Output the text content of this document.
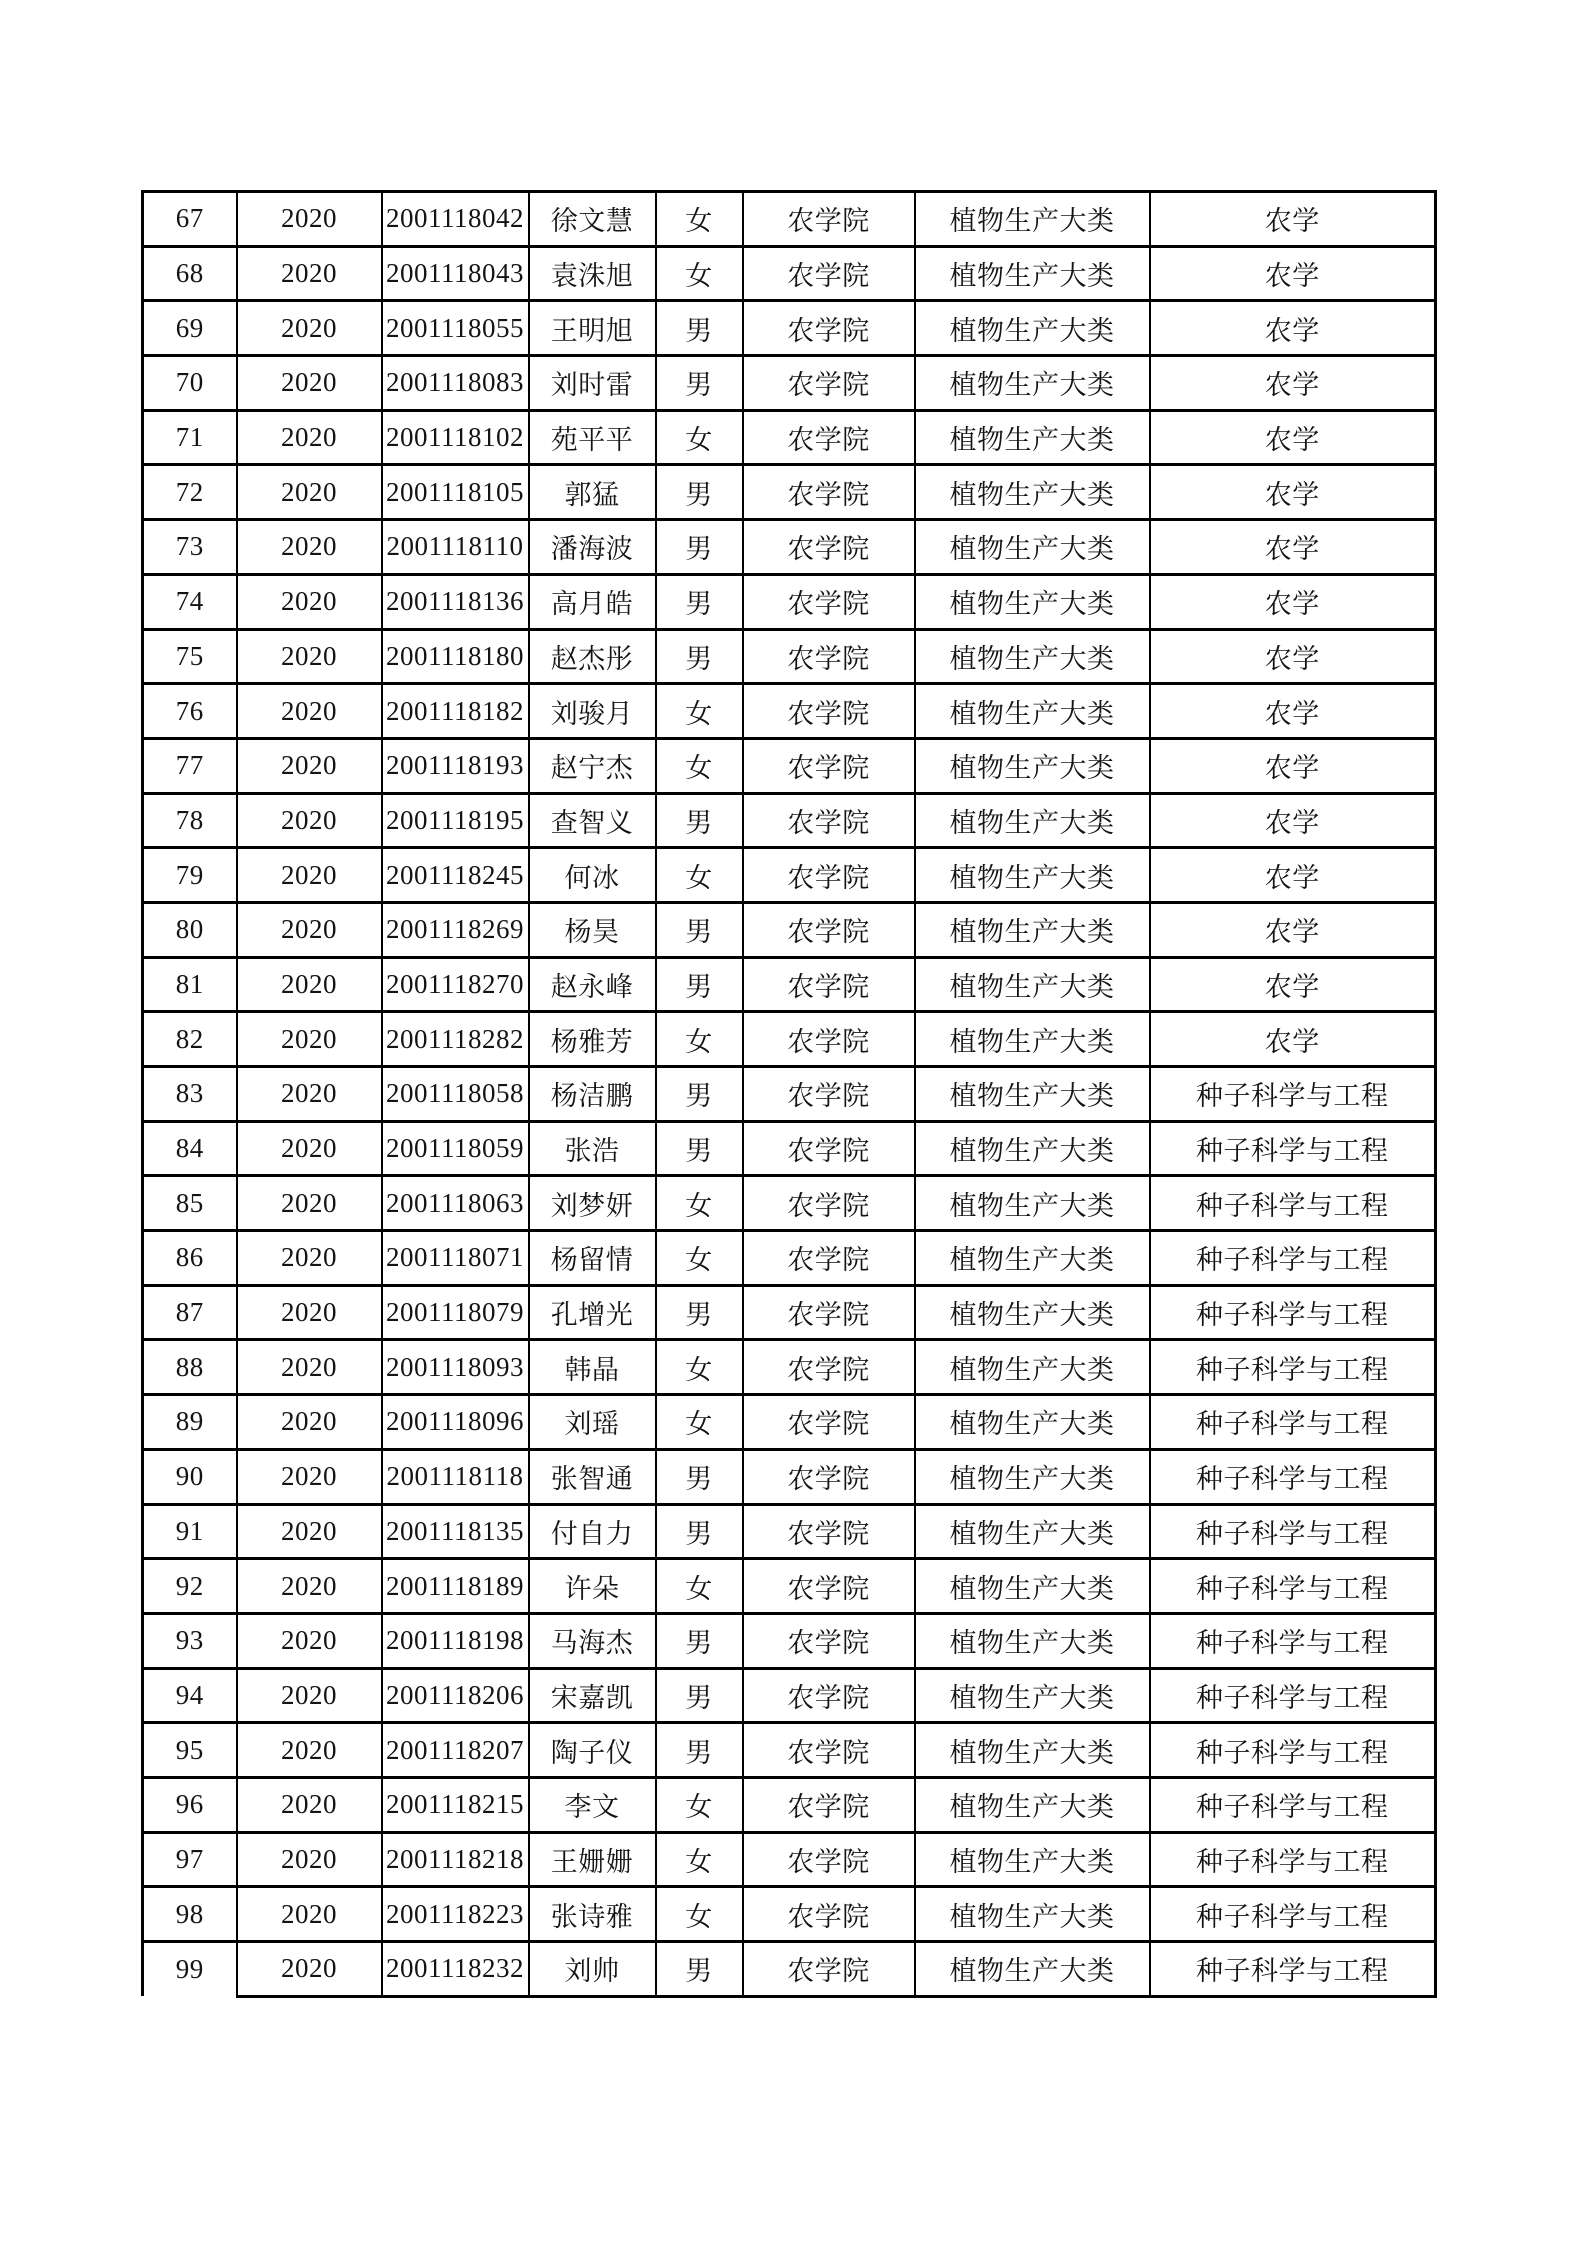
67	2020	2001118042	徐文慧	女	农学院	植物生产大类	农学
68	2020	2001118043	袁洙旭	女	农学院	植物生产大类	农学
69	2020	2001118055	王明旭	男	农学院	植物生产大类	农学
70	2020	2001118083	刘时雷	男	农学院	植物生产大类	农学
71	2020	2001118102	苑平平	女	农学院	植物生产大类	农学
72	2020	2001118105	郭猛	男	农学院	植物生产大类	农学
73	2020	2001118110	潘海波	男	农学院	植物生产大类	农学
74	2020	2001118136	高月皓	男	农学院	植物生产大类	农学
75	2020	2001118180	赵杰彤	男	农学院	植物生产大类	农学
76	2020	2001118182	刘骏月	女	农学院	植物生产大类	农学
77	2020	2001118193	赵宁杰	女	农学院	植物生产大类	农学
78	2020	2001118195	查智义	男	农学院	植物生产大类	农学
79	2020	2001118245	何冰	女	农学院	植物生产大类	农学
80	2020	2001118269	杨昊	男	农学院	植物生产大类	农学
81	2020	2001118270	赵永峰	男	农学院	植物生产大类	农学
82	2020	2001118282	杨雅芳	女	农学院	植物生产大类	农学
83	2020	2001118058	杨洁鹏	男	农学院	植物生产大类	种子科学与工程
84	2020	2001118059	张浩	男	农学院	植物生产大类	种子科学与工程
85	2020	2001118063	刘梦妍	女	农学院	植物生产大类	种子科学与工程
86	2020	2001118071	杨留情	女	农学院	植物生产大类	种子科学与工程
87	2020	2001118079	孔增光	男	农学院	植物生产大类	种子科学与工程
88	2020	2001118093	韩晶	女	农学院	植物生产大类	种子科学与工程
89	2020	2001118096	刘瑶	女	农学院	植物生产大类	种子科学与工程
90	2020	2001118118	张智通	男	农学院	植物生产大类	种子科学与工程
91	2020	2001118135	付自力	男	农学院	植物生产大类	种子科学与工程
92	2020	2001118189	许朵	女	农学院	植物生产大类	种子科学与工程
93	2020	2001118198	马海杰	男	农学院	植物生产大类	种子科学与工程
94	2020	2001118206	宋嘉凯	男	农学院	植物生产大类	种子科学与工程
95	2020	2001118207	陶子仪	男	农学院	植物生产大类	种子科学与工程
96	2020	2001118215	李文	女	农学院	植物生产大类	种子科学与工程
97	2020	2001118218	王姗姗	女	农学院	植物生产大类	种子科学与工程
98	2020	2001118223	张诗雅	女	农学院	植物生产大类	种子科学与工程
99	2020	2001118232	刘帅	男	农学院	植物生产大类	种子科学与工程
